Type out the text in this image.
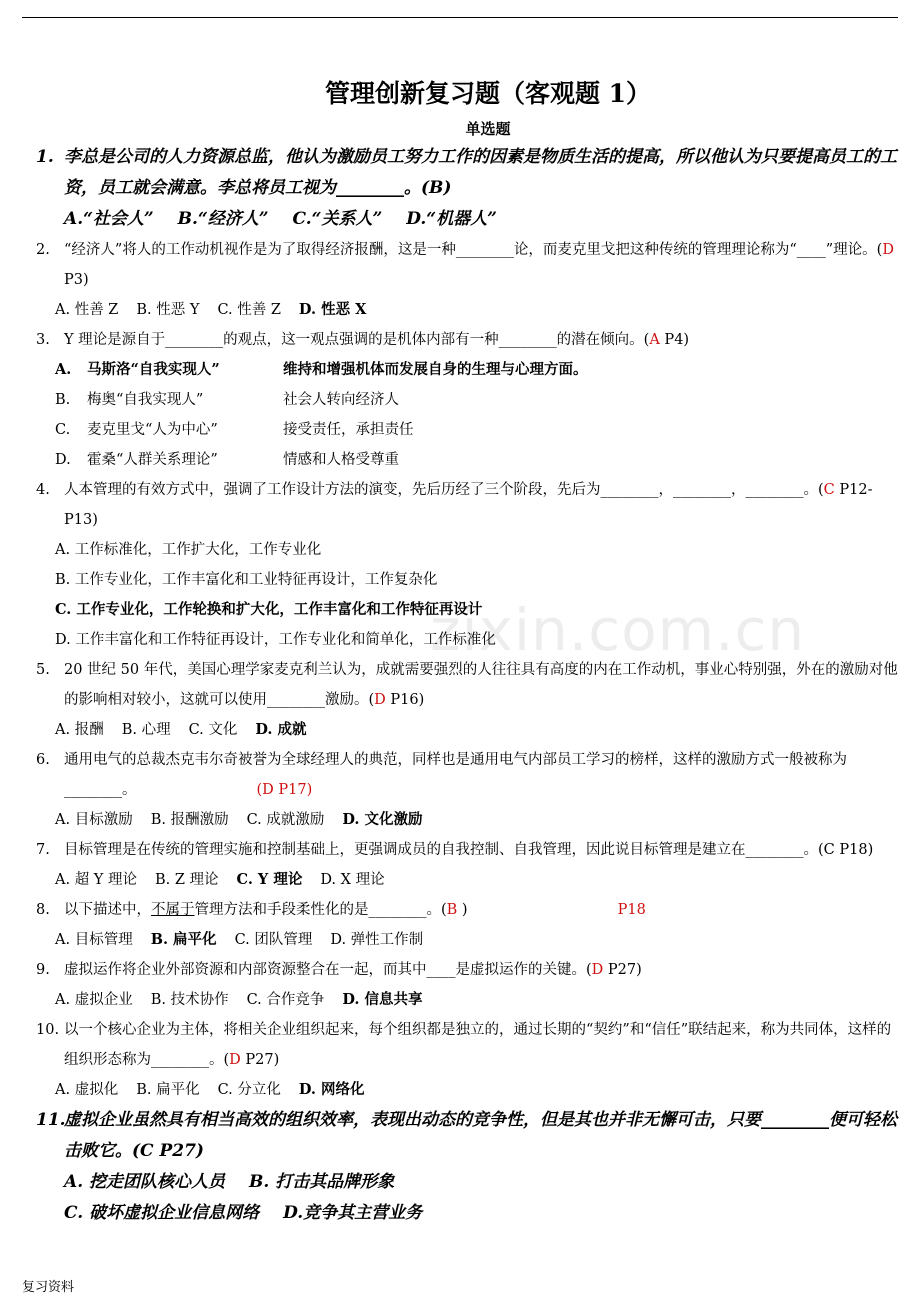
zixin.com.cn
管理创新复习题（客观题 1）
单选题
1. 李总是公司的人力资源总监，他认为激励员工努力工作的因素是物质生活的提高，所以他认为只要提高员工的工资，员工就会满意。李总将员工视为________。(B)
A.“社会人” B.“经济人” C.“关系人” D.“机器人”
2. “经济人”将人的工作动机视作是为了取得经济报酬，这是一种________论，而麦克里戈把这种传统的管理理论称为“____”理论。(D P3)
A. 性善 Z B. 性恶 Y C. 性善 Z D. 性恶 X
3. Y 理论是源自于________的观点，这一观点强调的是机体内部有一种________的潜在倾向。(A P4)
A.	马斯洛“自我实现人”	维持和增强机体而发展自身的生理与心理方面。
B.	梅奥“自我实现人”	社会人转向经济人
C.	麦克里戈“人为中心”	接受责任，承担责任
D.	霍桑“人群关系理论”	情感和人格受尊重
4. 人本管理的有效方式中，强调了工作设计方法的演变，先后历经了三个阶段，先后为________，________，________。(C P12-P13)
A. 工作标准化，工作扩大化，工作专业化
B. 工作专业化，工作丰富化和工业特征再设计，工作复杂化
C. 工作专业化，工作轮换和扩大化，工作丰富化和工作特征再设计
D. 工作丰富化和工作特征再设计，工作专业化和简单化，工作标准化
5. 20 世纪 50 年代，美国心理学家麦克利兰认为，成就需要强烈的人往往具有高度的内在工作动机，事业心特别强，外在的激励对他的影响相对较小，这就可以使用________激励。(D P16)
A. 报酬 B. 心理 C. 文化 D. 成就
6. 通用电气的总裁杰克韦尔奇被誉为全球经理人的典范，同样也是通用电气内部员工学习的榜样，这样的激励方式一般被称为________。	(D P17)
A. 目标激励 B. 报酬激励 C. 成就激励 D. 文化激励
7. 目标管理是在传统的管理实施和控制基础上，更强调成员的自我控制、自我管理，因此说目标管理是建立在________。(C P18)
A. 超 Y 理论 B. Z 理论 C. Y 理论 D. X 理论
8. 以下描述中，不属于管理方法和手段柔性化的是________。(B )	P18
A. 目标管理 B. 扁平化 C. 团队管理 D. 弹性工作制
9. 虚拟运作将企业外部资源和内部资源整合在一起，而其中____是虚拟运作的关键。(D P27)
A. 虚拟企业 B. 技术协作 C. 合作竞争 D. 信息共享
10. 以一个核心企业为主体，将相关企业组织起来，每个组织都是独立的，通过长期的“契约”和“信任”联结起来，称为共同体，这样的组织形态称为________。(D P27)
A. 虚拟化 B. 扁平化 C. 分立化 D. 网络化
11.
虚拟企业虽然具有相当高效的组织效率，表现出动态的竞争性，但是其也并非无懈可击，只要________便可轻松击败它。(C P27)
A. 挖走团队核心人员 B. 打击其品牌形象
C. 破坏虚拟企业信息网络 D.竞争其主营业务
复习资料
